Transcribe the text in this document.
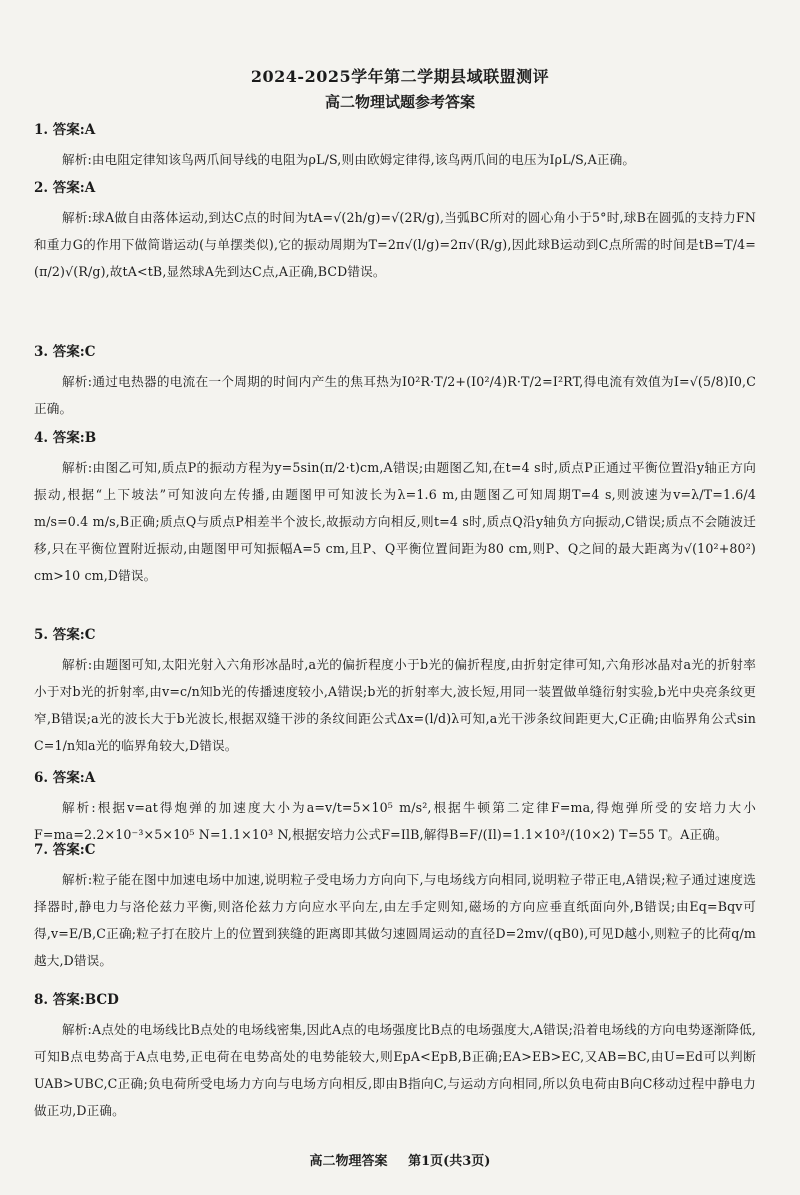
2024-2025学年第二学期县域联盟测评
高二物理试题参考答案

1. 答案:A

解析:由电阻定律知该鸟两爪间导线的电阻为ρL/S,则由欧姆定律得,该鸟两爪间的电压为IρL/S,A正确。

2. 答案:A

解析:球A做自由落体运动,到达C点的时间为tA=√(2h/g)=√(2R/g),当弧BC所对的圆心角小于5°时,球B在圆弧的支持力FN和重力G的作用下做简谐运动(与单摆类似),它的振动周期为T=2π√(l/g)=2π√(R/g),因此球B运动到C点所需的时间是tB=T/4=(π/2)√(R/g),故tA<tB,显然球A先到达C点,A正确,BCD错误。

3. 答案:C

解析:通过电热器的电流在一个周期的时间内产生的焦耳热为I0²R·T/2+(I0²/4)R·T/2=I²RT,得电流有效值为I=√(5/8)I0,C正确。

4. 答案:B

解析:由图乙可知,质点P的振动方程为y=5sin(π/2·t)cm,A错误;由题图乙知,在t=4 s时,质点P正通过平衡位置沿y轴正方向振动,根据“上下坡法”可知波向左传播,由题图甲可知波长为λ=1.6 m,由题图乙可知周期T=4 s,则波速为v=λ/T=1.6/4 m/s=0.4 m/s,B正确;质点Q与质点P相差半个波长,故振动方向相反,则t=4 s时,质点Q沿y轴负方向振动,C错误;质点不会随波迁移,只在平衡位置附近振动,由题图甲可知振幅A=5 cm,且P、Q平衡位置间距为80 cm,则P、Q之间的最大距离为√(10²+80²) cm>10 cm,D错误。

5. 答案:C

解析:由题图可知,太阳光射入六角形冰晶时,a光的偏折程度小于b光的偏折程度,由折射定律可知,六角形冰晶对a光的折射率小于对b光的折射率,由v=c/n知b光的传播速度较小,A错误;b光的折射率大,波长短,用同一装置做单缝衍射实验,b光中央亮条纹更窄,B错误;a光的波长大于b光波长,根据双缝干涉的条纹间距公式Δx=(l/d)λ可知,a光干涉条纹间距更大,C正确;由临界角公式sin C=1/n知a光的临界角较大,D错误。

6. 答案:A

解析:根据v=at得炮弹的加速度大小为a=v/t=5×10⁵ m/s²,根据牛顿第二定律F=ma,得炮弹所受的安培力大小F=ma=2.2×10⁻³×5×10⁵ N=1.1×10³ N,根据安培力公式F=IlB,解得B=F/(Il)=1.1×10³/(10×2) T=55 T。A正确。

7. 答案:C

解析:粒子能在图中加速电场中加速,说明粒子受电场力方向向下,与电场线方向相同,说明粒子带正电,A错误;粒子通过速度选择器时,静电力与洛伦兹力平衡,则洛伦兹力方向应水平向左,由左手定则知,磁场的方向应垂直纸面向外,B错误;由Eq=Bqv可得,v=E/B,C正确;粒子打在胶片上的位置到狭缝的距离即其做匀速圆周运动的直径D=2mv/(qB0),可见D越小,则粒子的比荷q/m越大,D错误。

8. 答案:BCD

解析:A点处的电场线比B点处的电场线密集,因此A点的电场强度比B点的电场强度大,A错误;沿着电场线的方向电势逐渐降低,可知B点电势高于A点电势,正电荷在电势高处的电势能较大,则EpA<EpB,B正确;EA>EB>EC,又AB=BC,由U=Ed可以判断UAB>UBC,C正确;负电荷所受电场力方向与电场方向相反,即由B指向C,与运动方向相同,所以负电荷由B向C移动过程中静电力做正功,D正确。

高二物理答案 第1页(共3页)
